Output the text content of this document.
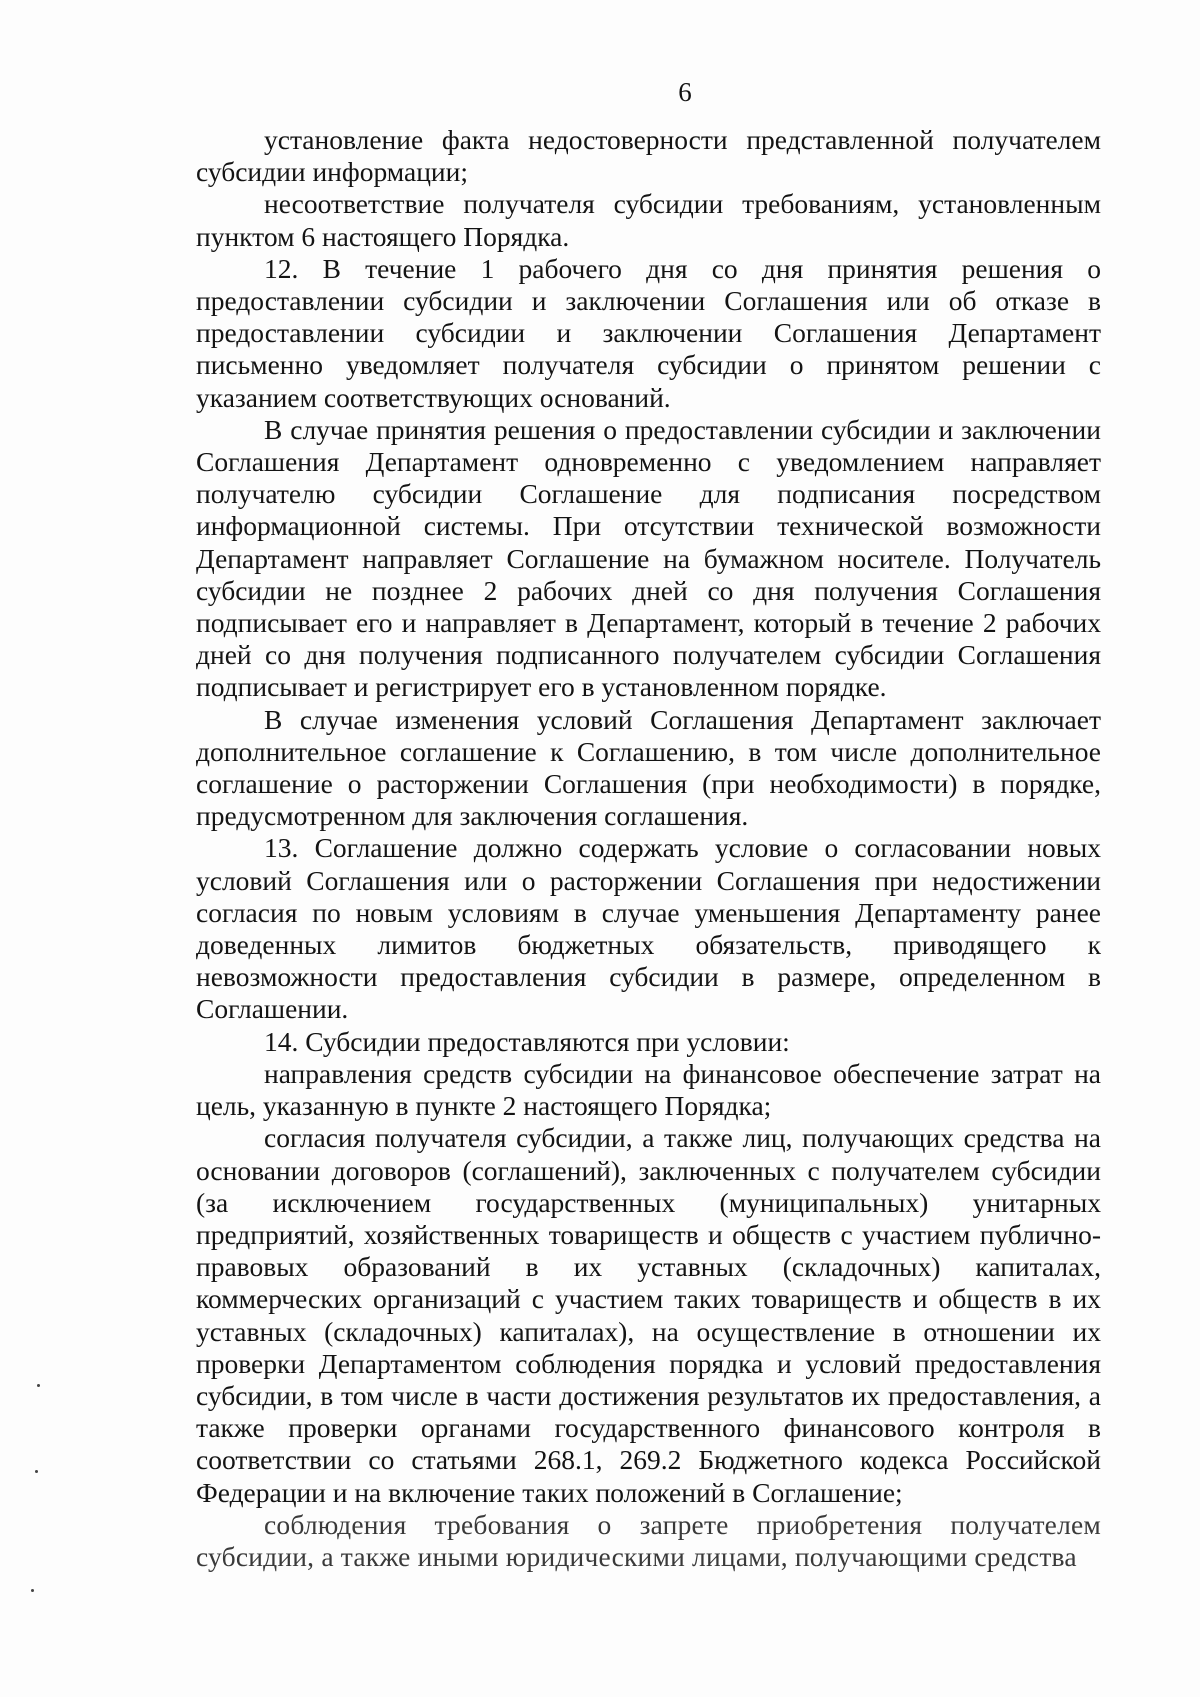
6

установление факта недостоверности представленной получателем субсидии информации;

несоответствие получателя субсидии требованиям, установленным пунктом 6 настоящего Порядка.

12. В течение 1 рабочего дня со дня принятия решения о предоставлении субсидии и заключении Соглашения или об отказе в предоставлении субсидии и заключении Соглашения Департамент письменно уведомляет получателя субсидии о принятом решении с указанием соответствующих оснований.

В случае принятия решения о предоставлении субсидии и заключении Соглашения Департамент одновременно с уведомлением направляет получателю субсидии Соглашение для подписания посредством информационной системы. При отсутствии технической возможности Департамент направляет Соглашение на бумажном носителе. Получатель субсидии не позднее 2 рабочих дней со дня получения Соглашения подписывает его и направляет в Департамент, который в течение 2 рабочих дней со дня получения подписанного получателем субсидии Соглашения подписывает и регистрирует его в установленном порядке.

В случае изменения условий Соглашения Департамент заключает дополнительное соглашение к Соглашению, в том числе дополнительное соглашение о расторжении Соглашения (при необходимости) в порядке, предусмотренном для заключения соглашения.

13. Соглашение должно содержать условие о согласовании новых условий Соглашения или о расторжении Соглашения при недостижении согласия по новым условиям в случае уменьшения Департаменту ранее доведенных лимитов бюджетных обязательств, приводящего к невозможности предоставления субсидии в размере, определенном в Соглашении.

14. Субсидии предоставляются при условии:

направления средств субсидии на финансовое обеспечение затрат на цель, указанную в пункте 2 настоящего Порядка;

согласия получателя субсидии, а также лиц, получающих средства на основании договоров (соглашений), заключенных с получателем субсидии (за исключением государственных (муниципальных) унитарных предприятий, хозяйственных товариществ и обществ с участием публично-правовых образований в их уставных (складочных) капиталах, коммерческих организаций с участием таких товариществ и обществ в их уставных (складочных) капиталах), на осуществление в отношении их проверки Департаментом соблюдения порядка и условий предоставления субсидии, в том числе в части достижения результатов их предоставления, а также проверки органами государственного финансового контроля в соответствии со статьями 268.1, 269.2 Бюджетного кодекса Российской Федерации и на включение таких положений в Соглашение;

соблюдения требования о запрете приобретения получателем субсидии, а также иными юридическими лицами, получающими средства
